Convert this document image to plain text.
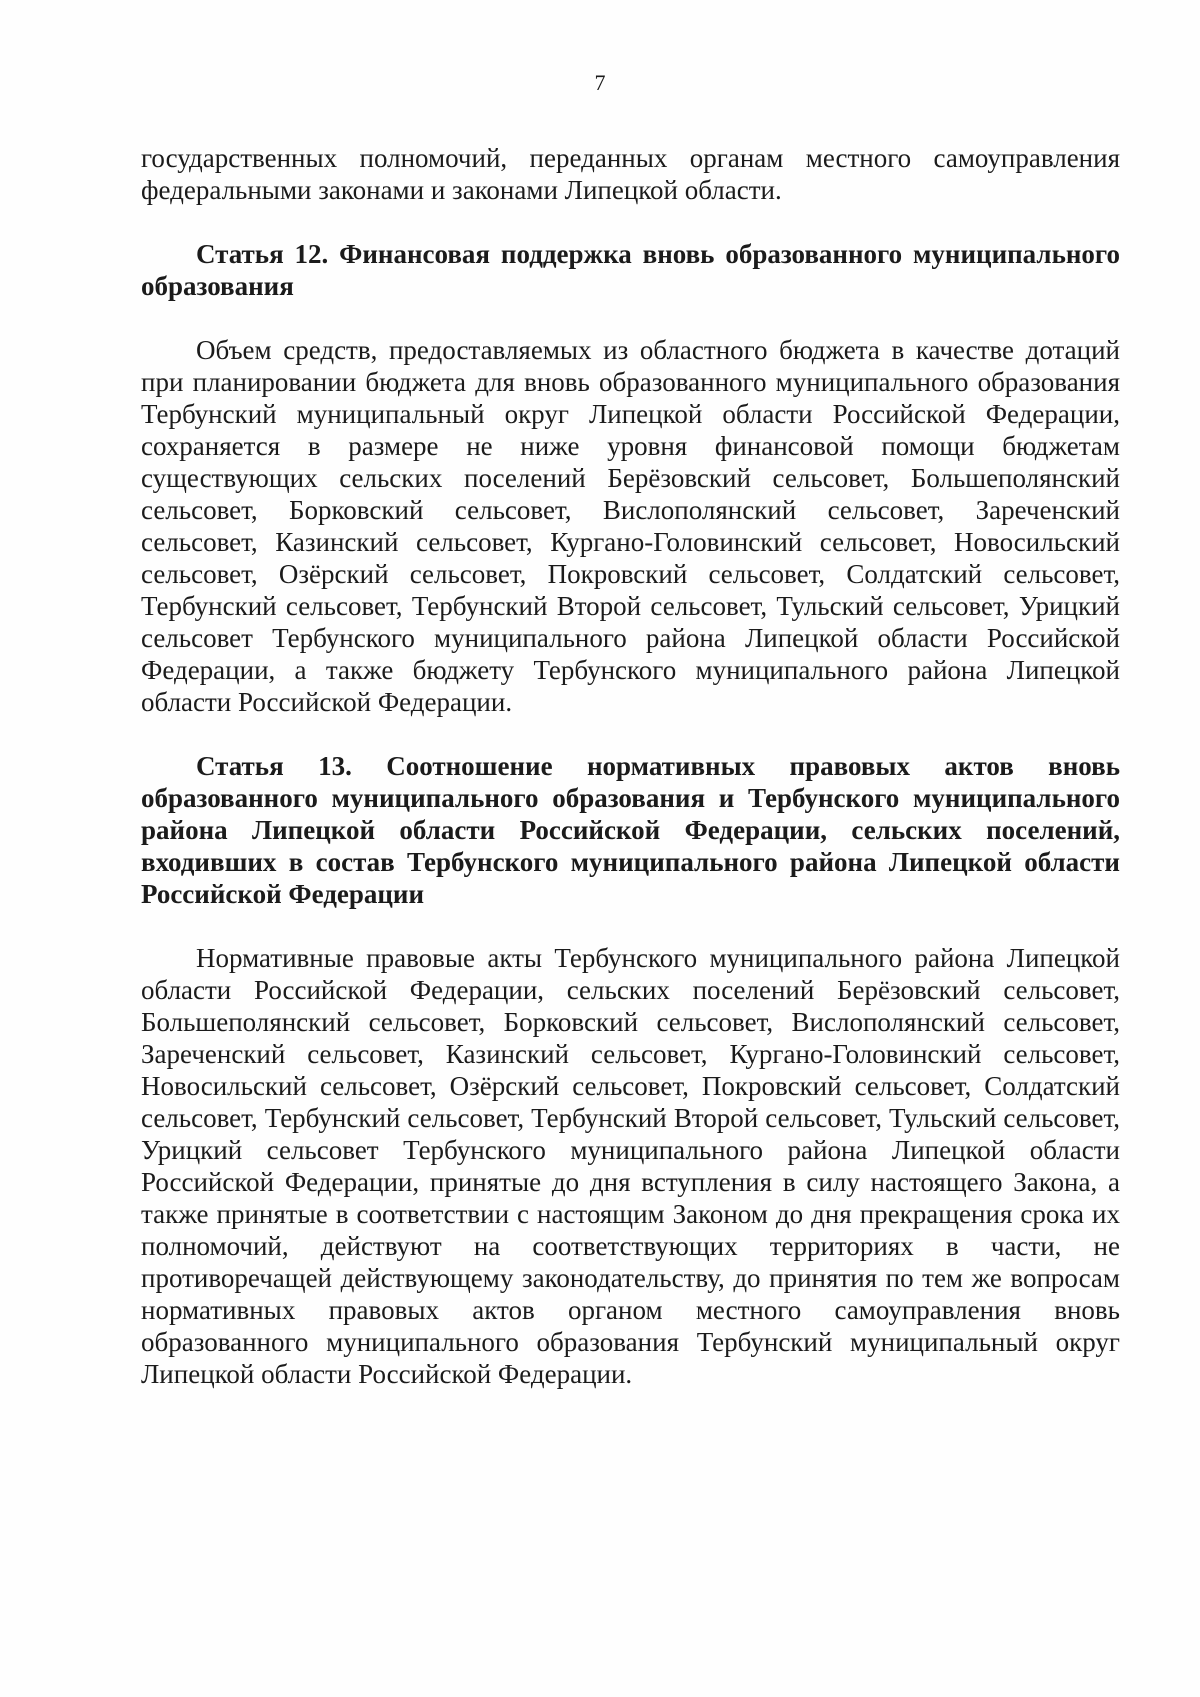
7

государственных полномочий, переданных органам местного самоуправления федеральными законами и законами Липецкой области.

Статья 12. Финансовая поддержка вновь образованного муниципального образования

Объем средств, предоставляемых из областного бюджета в качестве дотаций при планировании бюджета для вновь образованного муниципального образования Тербунский муниципальный округ Липецкой области Российской Федерации, сохраняется в размере не ниже уровня финансовой помощи бюджетам существующих сельских поселений Берёзовский сельсовет, Большеполянский сельсовет, Борковский сельсовет, Вислополянский сельсовет, Зареченский сельсовет, Казинский сельсовет, Кургано-Головинский сельсовет, Новосильский сельсовет, Озёрский сельсовет, Покровский сельсовет, Солдатский сельсовет, Тербунский сельсовет, Тербунский Второй сельсовет, Тульский сельсовет, Урицкий сельсовет Тербунского муниципального района Липецкой области Российской Федерации, а также бюджету Тербунского муниципального района Липецкой области Российской Федерации.

Статья 13. Соотношение нормативных правовых актов вновь образованного муниципального образования и Тербунского муниципального района Липецкой области Российской Федерации, сельских поселений, входивших в состав Тербунского муниципального района Липецкой области Российской Федерации

Нормативные правовые акты Тербунского муниципального района Липецкой области Российской Федерации, сельских поселений Берёзовский сельсовет, Большеполянский сельсовет, Борковский сельсовет, Вислополянский сельсовет, Зареченский сельсовет, Казинский сельсовет, Кургано-Головинский сельсовет, Новосильский сельсовет, Озёрский сельсовет, Покровский сельсовет, Солдатский сельсовет, Тербунский сельсовет, Тербунский Второй сельсовет, Тульский сельсовет, Урицкий сельсовет Тербунского муниципального района Липецкой области Российской Федерации, принятые до дня вступления в силу настоящего Закона, а также принятые в соответствии с настоящим Законом до дня прекращения срока их полномочий, действуют на соответствующих территориях в части, не противоречащей действующему законодательству, до принятия по тем же вопросам нормативных правовых актов органом местного самоуправления вновь образованного муниципального образования Тербунский муниципальный округ Липецкой области Российской Федерации.
